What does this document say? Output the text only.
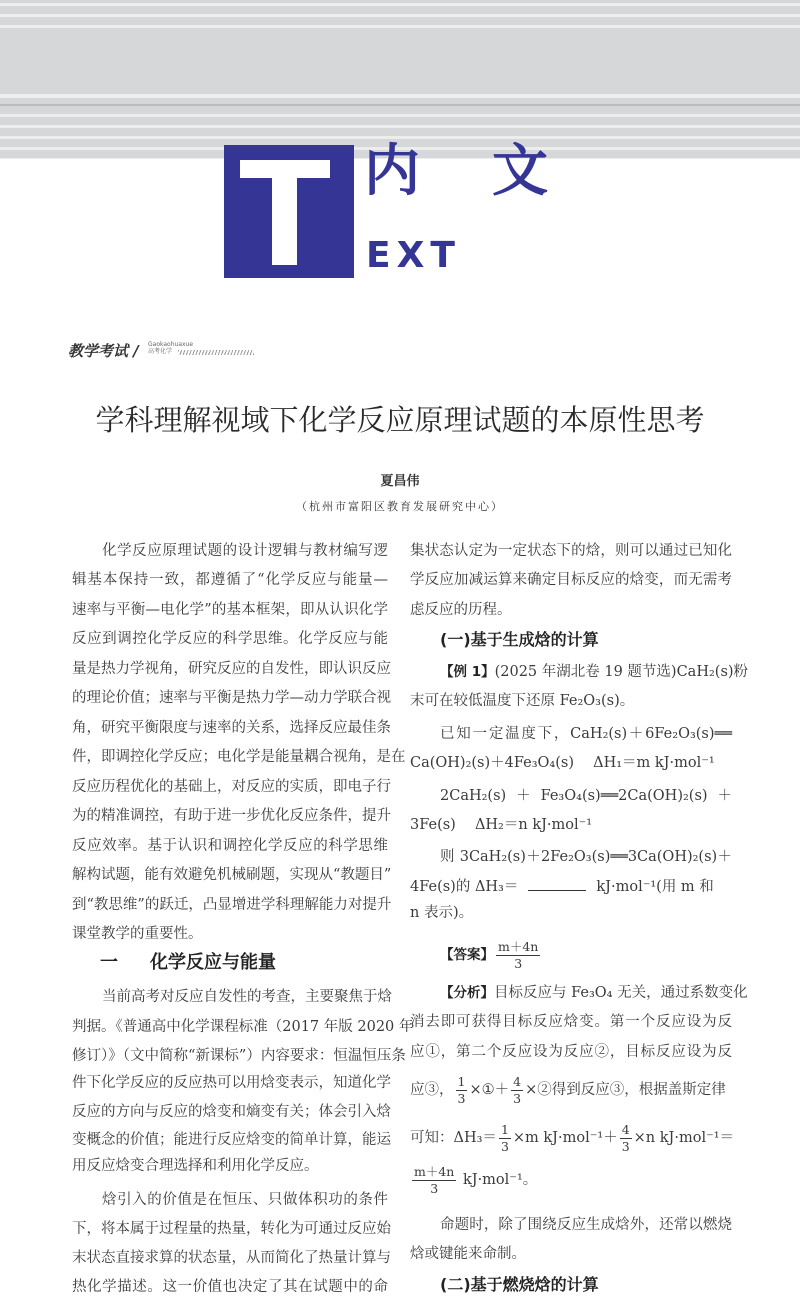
内 文
EXT
教学考试 / Gaokaohuaxue
高考化学
学科理解视域下化学反应原理试题的本原性思考
夏昌伟
（杭州市富阳区教育发展研究中心）
化学反应原理试题的设计逻辑与教材编写逻
辑基本保持一致，都遵循了“化学反应与能量—
速率与平衡—电化学”的基本框架，即从认识化学
反应到调控化学反应的科学思维。化学反应与能
量是热力学视角，研究反应的自发性，即认识反应
的理论价值；速率与平衡是热力学—动力学联合视
角，研究平衡限度与速率的关系，选择反应最佳条
件，即调控化学反应；电化学是能量耦合视角，是在
反应历程优化的基础上，对反应的实质，即电子行
为的精准调控，有助于进一步优化反应条件，提升
反应效率。基于认识和调控化学反应的科学思维
解构试题，能有效避免机械刷题，实现从“教题目”
到“教思维”的跃迁，凸显增进学科理解能力对提升
课堂教学的重要性。
一 化学反应与能量
当前高考对反应自发性的考查，主要聚焦于焓
判据。《普通高中化学课程标准（2017 年版 2020 年
修订）》（文中简称“新课标”）内容要求：恒温恒压条
件下化学反应的反应热可以用焓变表示，知道化学
反应的方向与反应的焓变和熵变有关；体会引入焓
变概念的价值；能进行反应焓变的简单计算，能运
用反应焓变合理选择和利用化学反应。
焓引入的价值是在恒压、只做体积功的条件
下，将本属于过程量的热量，转化为可通过反应始
末状态直接求算的状态量，从而简化了热量计算与
热化学描述。这一价值也决定了其在试题中的命
集状态认定为一定状态下的焓，则可以通过已知化
学反应加减运算来确定目标反应的焓变，而无需考
虑反应的历程。
(一)基于生成焓的计算
【例 1】(2025 年湖北卷 19 题节选)CaH₂(s)粉
末可在较低温度下还原 Fe₂O₃(s)。
已知一定温度下，CaH₂(s)＋6Fe₂O₃(s)══
Ca(OH)₂(s)＋4Fe₃O₄(s)　 ΔH₁＝m kJ·mol⁻¹
2CaH₂(s)＋Fe₃O₄(s)══2Ca(OH)₂(s)＋
3Fe(s)　 ΔH₂＝n kJ·mol⁻¹
则 3CaH₂(s)＋2Fe₂O₃(s)══3Ca(OH)₂(s)＋
4Fe(s)的 ΔH₃＝	kJ·mol⁻¹(用 m 和
n 表示)。
【答案】 $\frac{m+4n}{3}$
【分析】目标反应与 Fe₃O₄ 无关，通过系数变化
消去即可获得目标反应焓变。第一个反应设为反
应①，第二个反应设为反应②，目标反应设为反
应③， $\frac{1}{3}$ ×①＋ $\frac{4}{3}$ ×②得到反应③，根据盖斯定律
可知：$\Delta H_3= \frac{1}{3} \times m$ $kJ\cdot mol^{-1}+ \frac{4}{3} \times n$ kJ·mol⁻¹＝
$\frac{m+4n}{3} kJ\cdot mol^{-1}$。
命题时，除了围绕反应生成焓外，还常以燃烧
焓或键能来命制。
(二)基于燃烧焓的计算
